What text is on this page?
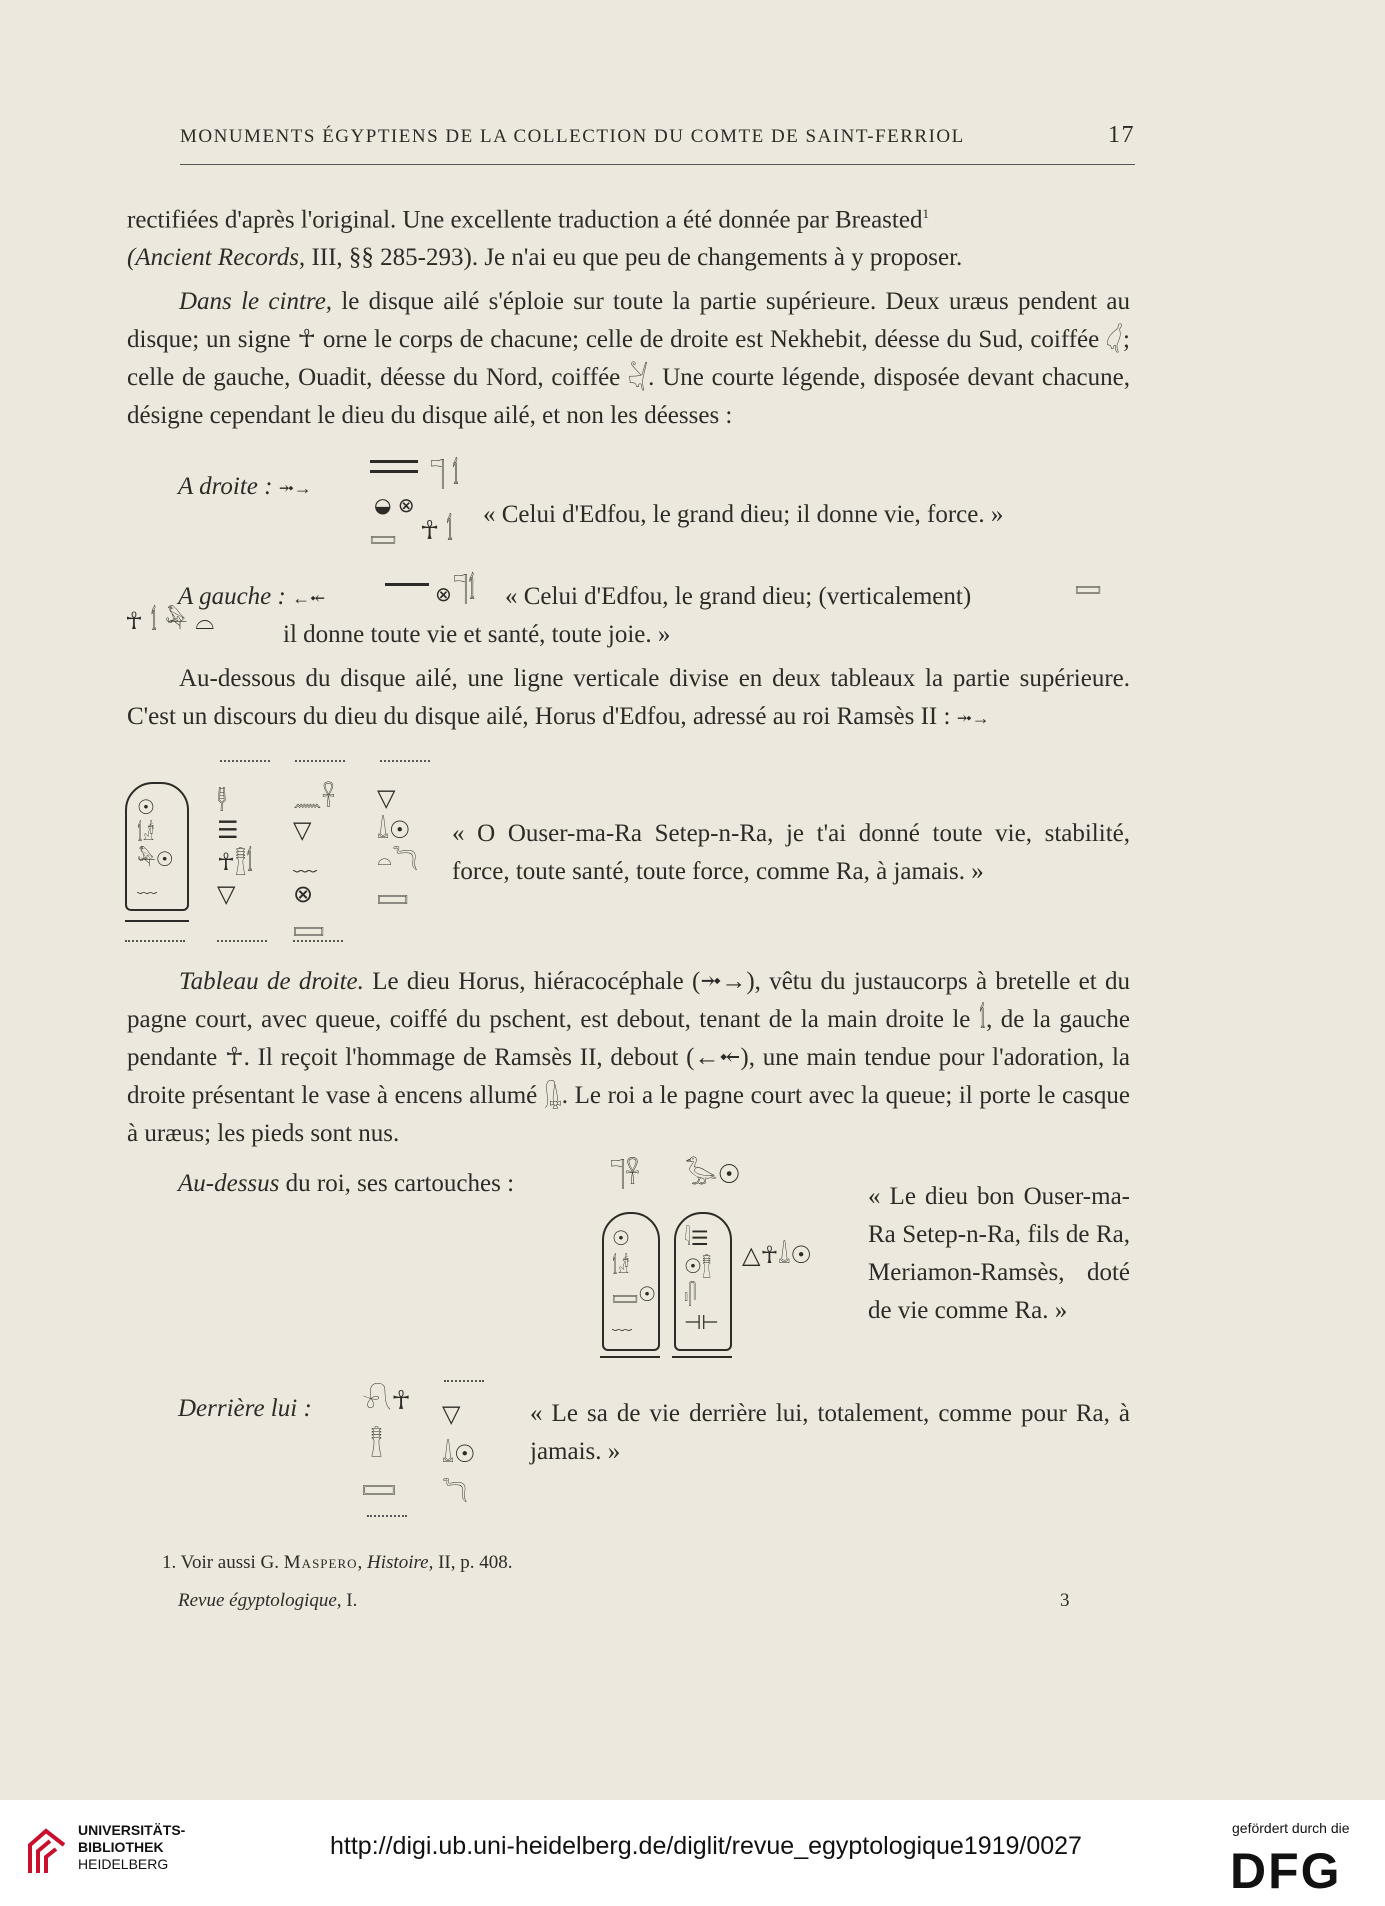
MONUMENTS ÉGYPTIENS DE LA COLLECTION DU COMTE DE SAINT-FERRIOL	17

rectifiées d'après l'original. Une excellente traduction a été donnée par Breasted$^1$

(Ancient Records, III, §§ 285-293). Je n'ai eu que peu de changements à y proposer.

Dans le cintre, le disque ailé s'éploie sur toute la partie supérieure. Deux uræus pendent au disque; un signe ☥ orne le corps de chacune; celle de droite est Nekhebit, déesse du Sud, coiffée 𓋑; celle de gauche, Ouadit, déesse du Nord, coiffée 𓋔. Une courte légende, disposée devant chacune, désigne cependant le dieu du disque ailé, et non les déesses :

A droite : ⤞→	𓊹 𓌀
◒ ⊗
𓈙 ☥ 𓌀
« Celui d'Edfou, le grand dieu; il donne vie, force. »
A gauche : ←⤝	⊗ 𓊹𓌀 « Celui d'Edfou, le grand dieu; (verticalement)	𓈙
☥ 𓌀 𓅆 ⌓	il donne toute vie et santé, toute joie. »

Au-dessous du disque ailé, une ligne verticale divise en deux tableaux la partie supérieure. C'est un discours du dieu du disque ailé, Horus d'Edfou, adressé au roi Ramsès II : ⤞→

☉
𓌀𓁦
𓅆☉
﹏
𓊢
☰
☥𓊽𓌀
▽
𓈖𓋹
▽
﹏
⊗
𓈙
▽
𓍑☉
𓏏𓆓
𓈙
« O Ouser-ma-Ra Setep-n-Ra, je t'ai donné toute vie, stabilité, force, toute santé, toute force, comme Ra, à jamais. »

Tableau de droite. Le dieu Horus, hiéracocéphale (⤞→), vêtu du justaucorps à bretelle et du pagne court, avec queue, coiffé du pschent, est debout, tenant de la main droite le 𓌀, de la gauche pendante ☥. Il reçoit l'hommage de Ramsès II, debout (←⤝), une main tendue pour l'adoration, la droite présentant le vase à encens allumé 𓊮. Le roi a le pagne court avec la queue; il porte le casque à uræus; les pieds sont nus.

Au-dessus du roi, ses cartouches :	𓊹𓋹 𓅭☉
☉
𓌀𓁦
𓈙☉
﹏
𓇋☰
☉𓊽
𓏤𓋴
⊣⊢
△☥𓍑☉
« Le dieu bon Ouser-ma-Ra Setep-n-Ra, fils de Ra, Meriamon-Ramsès, doté de vie comme Ra. »
Derrière lui : 𓍯☥
𓊽
𓈙
▽
𓍑☉
𓆓
« Le sa de vie derrière lui, totalement, comme pour Ra, à jamais. »
1. Voir aussi G. Maspero, Histoire, II, p. 408.
Revue égyptologique, I.	3
UNIVERSITÄTS-
BIBLIOTHEK
HEIDELBERG
http://digi.ub.uni-heidelberg.de/diglit/revue_egyptologique1919/0027
gefördert durch die
DFG
